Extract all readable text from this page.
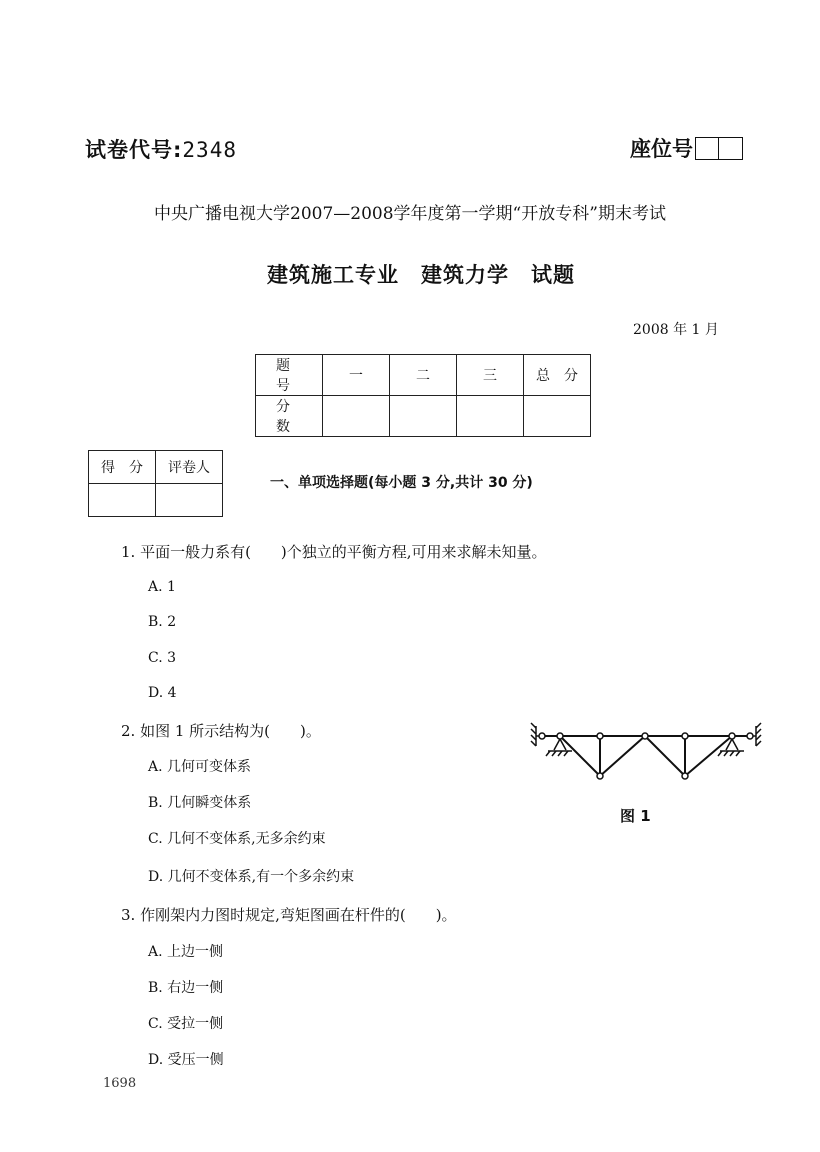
试卷代号:2348	座位号
中央广播电视大学2007—2008学年度第一学期“开放专科”期末考试
建筑施工专业　建筑力学　试题
2008 年 1 月
题　号	一	二	三	总　分
分　数				
得　分	评卷人

一、单项选择题(每小题 3 分,共计 30 分)
1. 平面一般力系有(　　)个独立的平衡方程,可用来求解未知量。
A. 1
B. 2
C. 3
D. 4
2. 如图 1 所示结构为(　　)。
A. 几何可变体系
B. 几何瞬变体系
C. 几何不变体系,无多余约束
D. 几何不变体系,有一个多余约束
图 1
3. 作刚架内力图时规定,弯矩图画在杆件的(　　)。
A. 上边一侧
B. 右边一侧
C. 受拉一侧
D. 受压一侧
1698
